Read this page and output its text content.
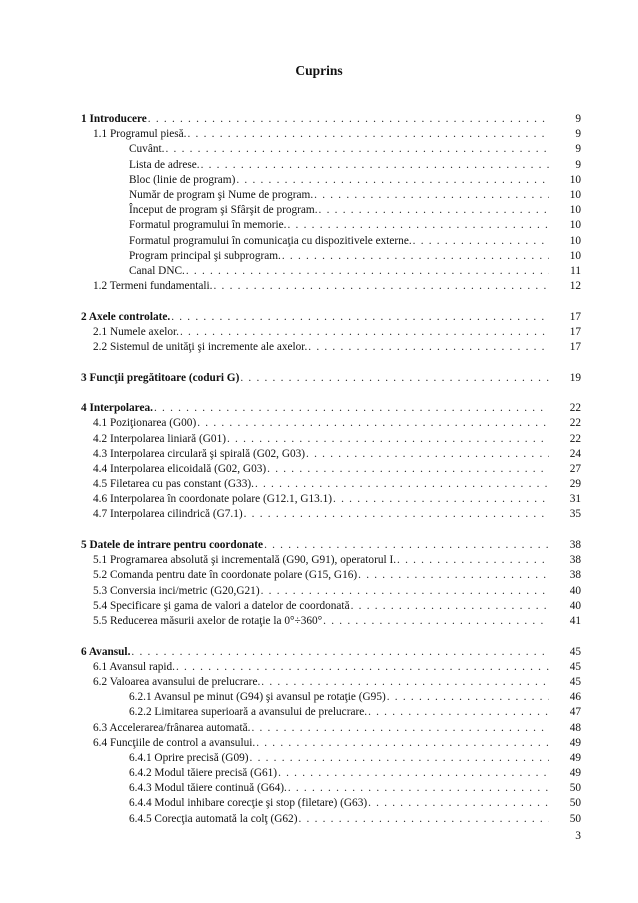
Cuprins
1 Introducere . . .	9
1.1 Programul piesă. . . .	9
Cuvânt. . . .	9
Lista de adrese. . . .	9
Bloc (linie de program) . . .	10
Număr de program şi Nume de program. . . .	10
Început de program şi Sfârşit de program. . . .	10
Formatul programului în memorie. . . .	10
Formatul programului în comunicaţia cu dispozitivele externe. . . .	10
Program principal şi subprogram. . . .	10
Canal DNC. . . .	11
1.2 Termeni fundamentali. . . .	12
2 Axele controlate. . . .	17
2.1 Numele axelor. . . .	17
2.2 Sistemul de unităţi şi incremente ale axelor. . . .	17
3 Funcţii pregătitoare (coduri G) . . .	19
4 Interpolarea. . . .	22
4.1 Poziţionarea (G00) . . .	22
4.2 Interpolarea liniară (G01) . . .	22
4.3 Interpolarea circulară şi spirală (G02, G03) . . .	24
4.4 Interpolarea elicoidală (G02, G03) . . .	27
4.5 Filetarea cu pas constant (G33). . . .	29
4.6 Interpolarea în coordonate polare (G12.1, G13.1) . . .	31
4.7 Interpolarea cilindrică (G7.1) . . .	35
5 Datele de intrare pentru coordonate . . .	38
5.1 Programarea absolută şi incrementală (G90, G91), operatorul I. . . .	38
5.2 Comanda pentru date în coordonate polare (G15, G16) . . .	38
5.3 Conversia inci/metric (G20,G21) . . .	40
5.4 Specificare şi gama de valori a datelor de coordonată . . .	40
5.5 Reducerea măsurii axelor de rotaţie la 0°÷360° . . .	41
6 Avansul. . . .	45
6.1 Avansul rapid. . . .	45
6.2 Valoarea avansului de prelucrare. . . .	45
6.2.1 Avansul pe minut (G94) şi avansul pe rotaţie (G95) . . .	46
6.2.2 Limitarea superioară a avansului de prelucrare. . . .	47
6.3 Accelerarea/frânarea automată. . . .	48
6.4 Funcţiile de control a avansului. . . .	49
6.4.1 Oprire precisă (G09) . . .	49
6.4.2 Modul tăiere precisă (G61) . . .	49
6.4.3 Modul tăiere continuă (G64). . . .	50
6.4.4 Modul inhibare corecţie şi stop (filetare) (G63) . . .	50
6.4.5 Corecţia automată la colţ (G62) . . .	50
3
